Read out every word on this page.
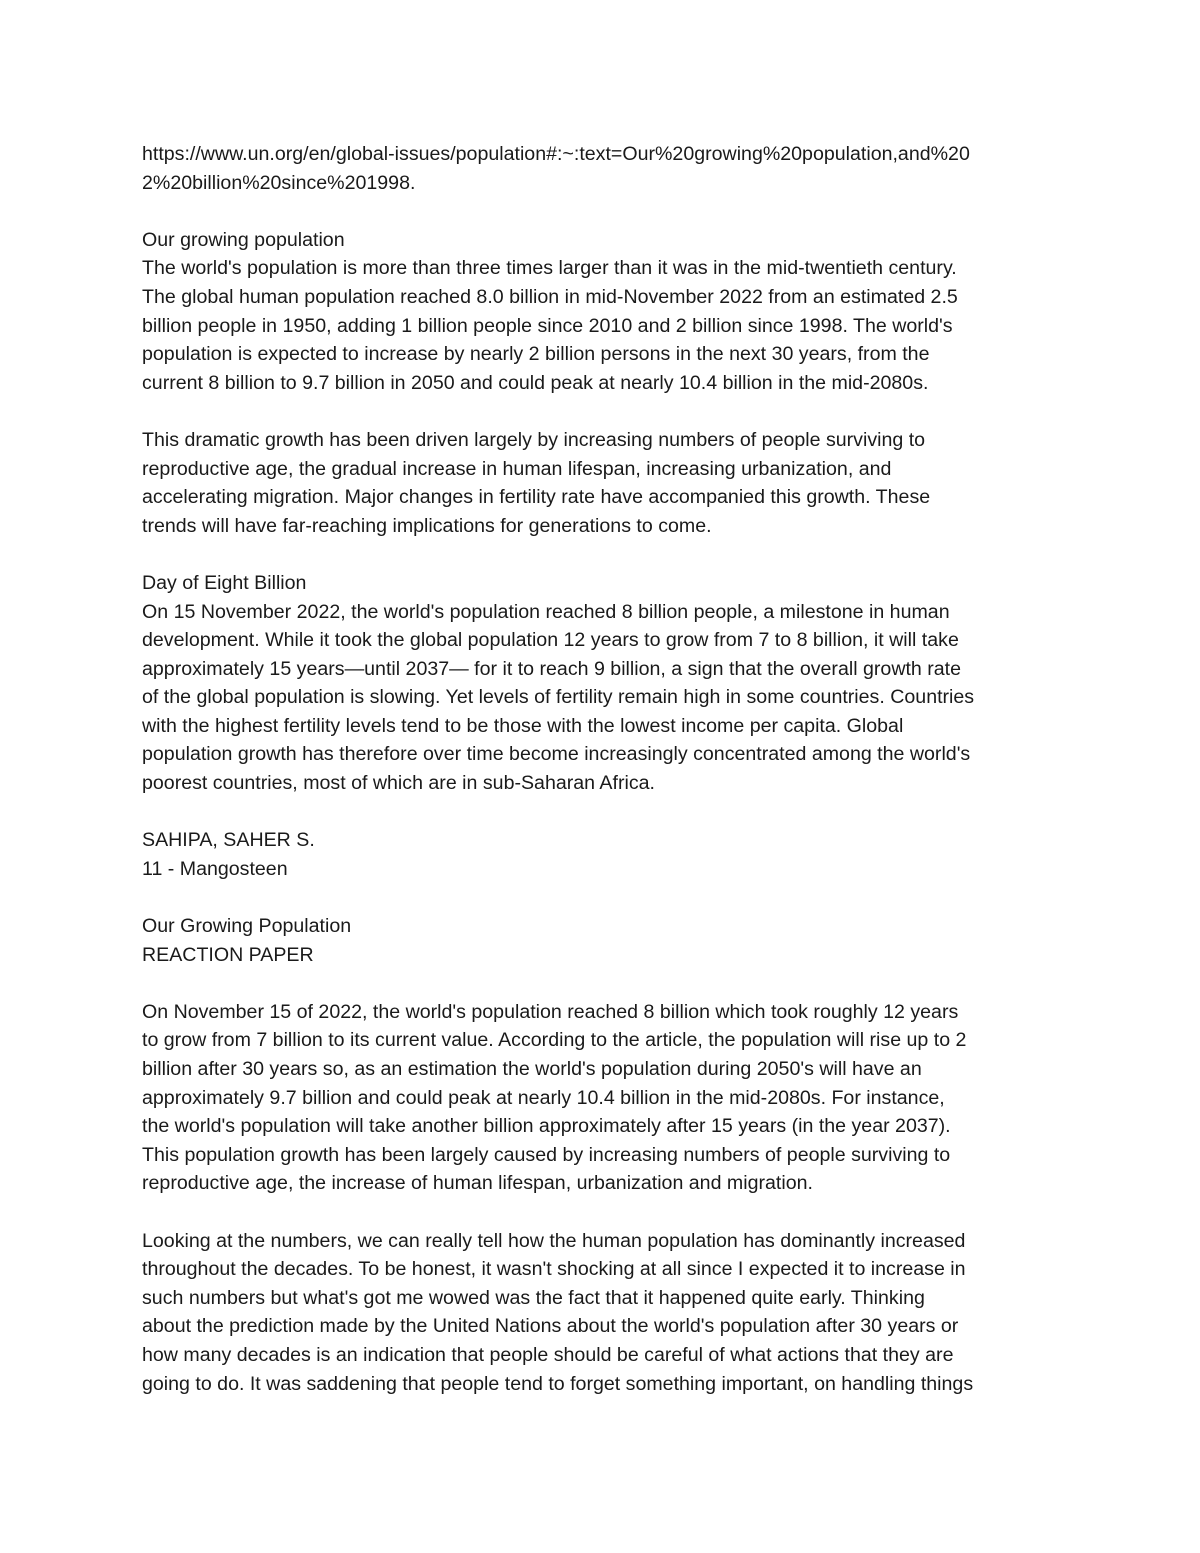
https://www.un.org/en/global-issues/population#:~:text=Our%20growing%20population,and%20
2%20billion%20since%201998.
Our growing population
The world's population is more than three times larger than it was in the mid-twentieth century.
The global human population reached 8.0 billion in mid-November 2022 from an estimated 2.5
billion people in 1950, adding 1 billion people since 2010 and 2 billion since 1998. The world's
population is expected to increase by nearly 2 billion persons in the next 30 years, from the
current 8 billion to 9.7 billion in 2050 and could peak at nearly 10.4 billion in the mid-2080s.
This dramatic growth has been driven largely by increasing numbers of people surviving to
reproductive age, the gradual increase in human lifespan, increasing urbanization, and
accelerating migration. Major changes in fertility rate have accompanied this growth. These
trends will have far-reaching implications for generations to come.
Day of Eight Billion
On 15 November 2022, the world's population reached 8 billion people, a milestone in human
development. While it took the global population 12 years to grow from 7 to 8 billion, it will take
approximately 15 years—until 2037— for it to reach 9 billion, a sign that the overall growth rate
of the global population is slowing. Yet levels of fertility remain high in some countries. Countries
with the highest fertility levels tend to be those with the lowest income per capita. Global
population growth has therefore over time become increasingly concentrated among the world's
poorest countries, most of which are in sub-Saharan Africa.
SAHIPA, SAHER S.
11 - Mangosteen
Our Growing Population
REACTION PAPER
On November 15 of 2022, the world's population reached 8 billion which took roughly 12 years
to grow from 7 billion to its current value. According to the article, the population will rise up to 2
billion after 30 years so, as an estimation the world's population during 2050's will have an
approximately 9.7 billion and could peak at nearly 10.4 billion in the mid-2080s. For instance,
the world's population will take another billion approximately after 15 years (in the year 2037).
This population growth has been largely caused by increasing numbers of people surviving to
reproductive age, the increase of human lifespan, urbanization and migration.
Looking at the numbers, we can really tell how the human population has dominantly increased
throughout the decades. To be honest, it wasn't shocking at all since I expected it to increase in
such numbers but what's got me wowed was the fact that it happened quite early. Thinking
about the prediction made by the United Nations about the world's population after 30 years or
how many decades is an indication that people should be careful of what actions that they are
going to do. It was saddening that people tend to forget something important, on handling things
